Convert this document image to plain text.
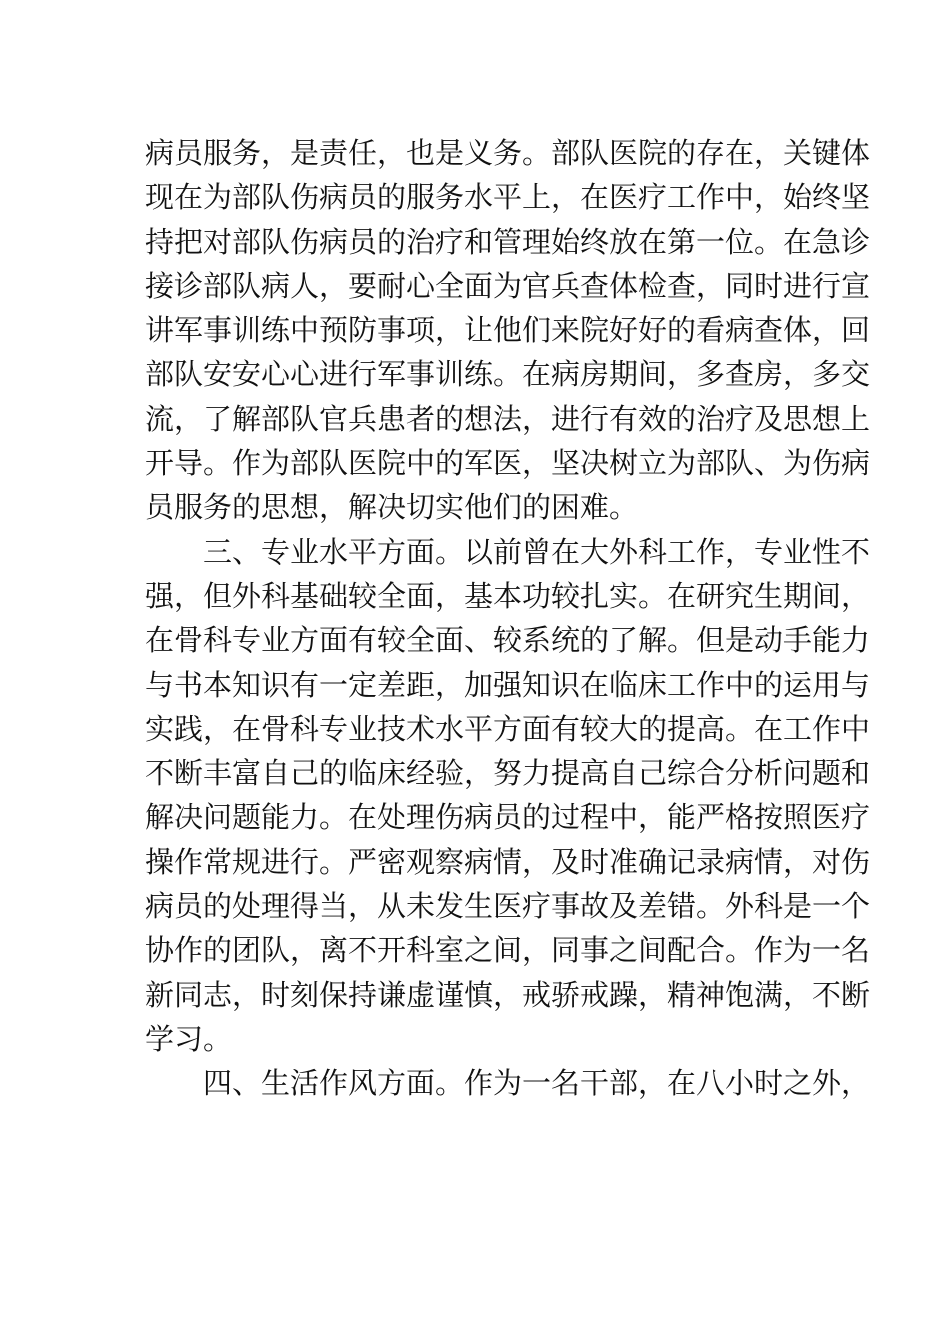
病员服务，是责任，也是义务。部队医院的存在，关键体
现在为部队伤病员的服务水平上，在医疗工作中，始终坚
持把对部队伤病员的治疗和管理始终放在第一位。在急诊
接诊部队病人，要耐心全面为官兵查体检查，同时进行宣
讲军事训练中预防事项，让他们来院好好的看病查体，回
部队安安心心进行军事训练。在病房期间，多查房，多交
流，了解部队官兵患者的想法，进行有效的治疗及思想上
开导。作为部队医院中的军医，坚决树立为部队、为伤病
员服务的思想，解决切实他们的困难。
三、专业水平方面。以前曾在大外科工作，专业性不
强，但外科基础较全面，基本功较扎实。在研究生期间，
在骨科专业方面有较全面、较系统的了解。但是动手能力
与书本知识有一定差距，加强知识在临床工作中的运用与
实践，在骨科专业技术水平方面有较大的提高。在工作中
不断丰富自己的临床经验，努力提高自己综合分析问题和
解决问题能力。在处理伤病员的过程中，能严格按照医疗
操作常规进行。严密观察病情，及时准确记录病情，对伤
病员的处理得当，从未发生医疗事故及差错。外科是一个
协作的团队，离不开科室之间，同事之间配合。作为一名
新同志，时刻保持谦虚谨慎，戒骄戒躁，精神饱满，不断
学习。
四、生活作风方面。作为一名干部，在八小时之外，
